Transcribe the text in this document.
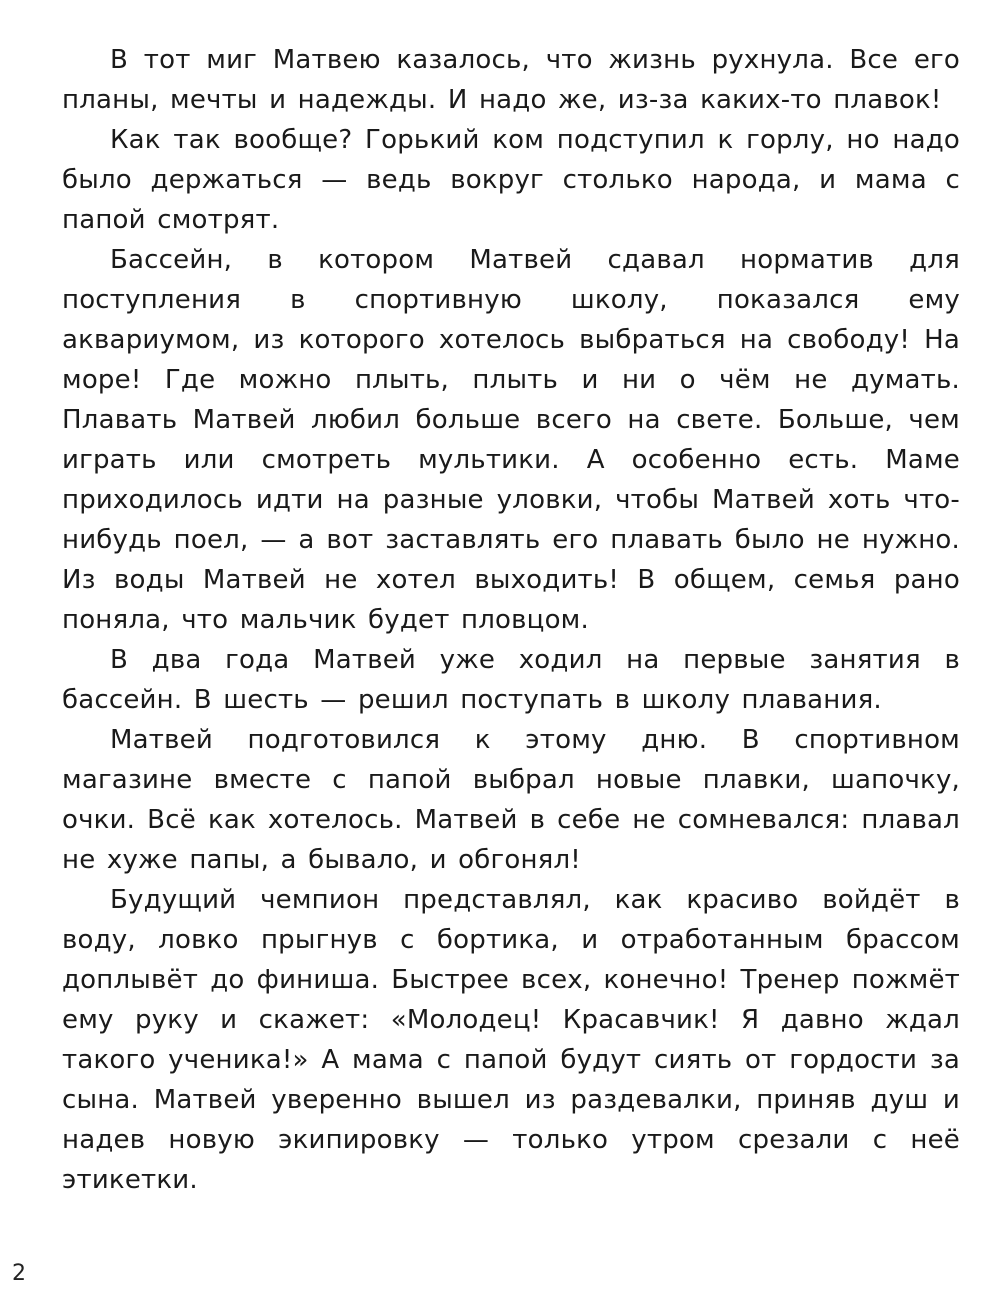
В тот миг Матвею казалось, что жизнь рухнула. Все его планы, мечты и надежды. И надо же, из-за каких-то плавок!

Как так вообще? Горький ком подступил к горлу, но надо было держаться — ведь вокруг столько народа, и мама с папой смотрят.

Бассейн, в котором Матвей сдавал норматив для поступления в спортивную школу, показался ему аквариумом, из которого хотелось выбраться на свободу! На море! Где можно плыть, плыть и ни о чём не думать. Плавать Матвей любил больше всего на свете. Больше, чем играть или смотреть мультики. А особенно есть. Маме приходилось идти на разные уловки, чтобы Матвей хоть что-нибудь поел, — а вот заставлять его плавать было не нужно. Из воды Матвей не хотел выходить! В общем, семья рано поняла, что мальчик будет пловцом.

В два года Матвей уже ходил на первые занятия в бассейн. В шесть — решил поступать в школу плавания.

Матвей подготовился к этому дню. В спортивном магазине вместе с папой выбрал новые плавки, шапочку, очки. Всё как хотелось. Матвей в себе не сомневался: плавал не хуже папы, а бывало, и обгонял!

Будущий чемпион представлял, как красиво войдёт в воду, ловко прыгнув с бортика, и отработанным брассом доплывёт до финиша. Быстрее всех, конечно! Тренер пожмёт ему руку и скажет: «Молодец! Красавчик! Я давно ждал такого ученика!» А мама с папой будут сиять от гордости за сына. Матвей уверенно вышел из раздевалки, приняв душ и надев новую экипировку — только утром срезали с неё этикетки.

2
